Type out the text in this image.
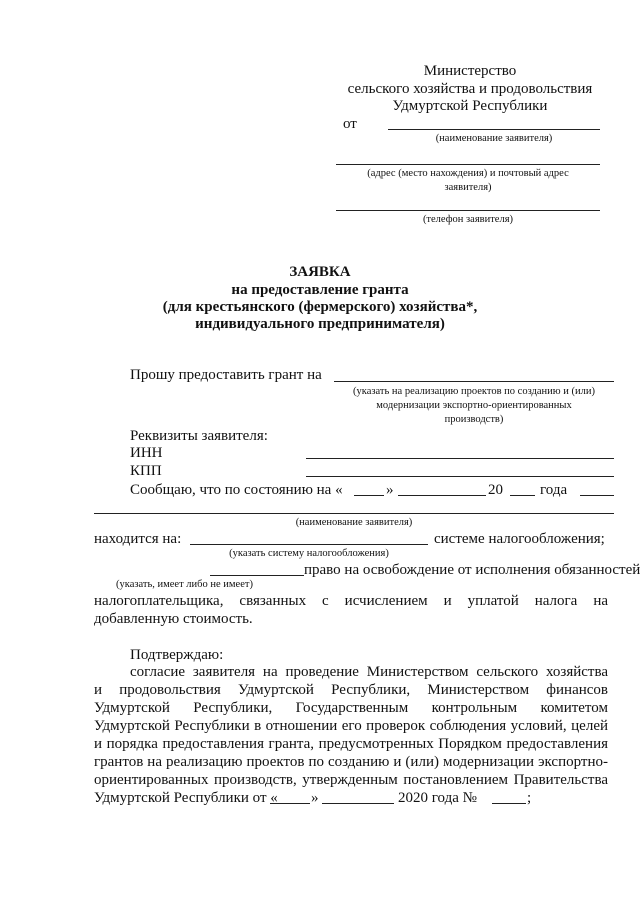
Министерство
сельского хозяйства и продовольствия
Удмуртской Республики
от
(наименование заявителя)
(адрес (место нахождения) и почтовый адрес
заявителя)
(телефон заявителя)
ЗАЯВКА
на предоставление гранта
(для крестьянского (фермерского) хозяйства*,
индивидуального предпринимателя)
Прошу предоставить грант на
(указать на реализацию проектов по созданию и (или)
модернизации экспортно-ориентированных
производств)
Реквизиты заявителя:
ИНН
КПП
Сообщаю, что по состоянию на «	»	20 года
(наименование заявителя)
находится на:	системе налогообложения;
(указать систему налогообложения)
право на освобождение от исполнения обязанностей
(указать, имеет либо не имеет)
налогоплательщика, связанных с исчислением и уплатой налога на
добавленную стоимость.
Подтверждаю:
согласие заявителя на проведение Министерством сельского хозяйства
и продовольствия Удмуртской Республики, Министерством финансов
Удмуртской Республики, Государственным контрольным комитетом
Удмуртской Республики в отношении его проверок соблюдения условий, целей
и порядка предоставления гранта, предусмотренных Порядком предоставления
грантов на реализацию проектов по созданию и (или) модернизации экспортно-
ориентированных производств, утвержденным постановлением Правительства
Удмуртской Республики от « »	2020 года №	;
